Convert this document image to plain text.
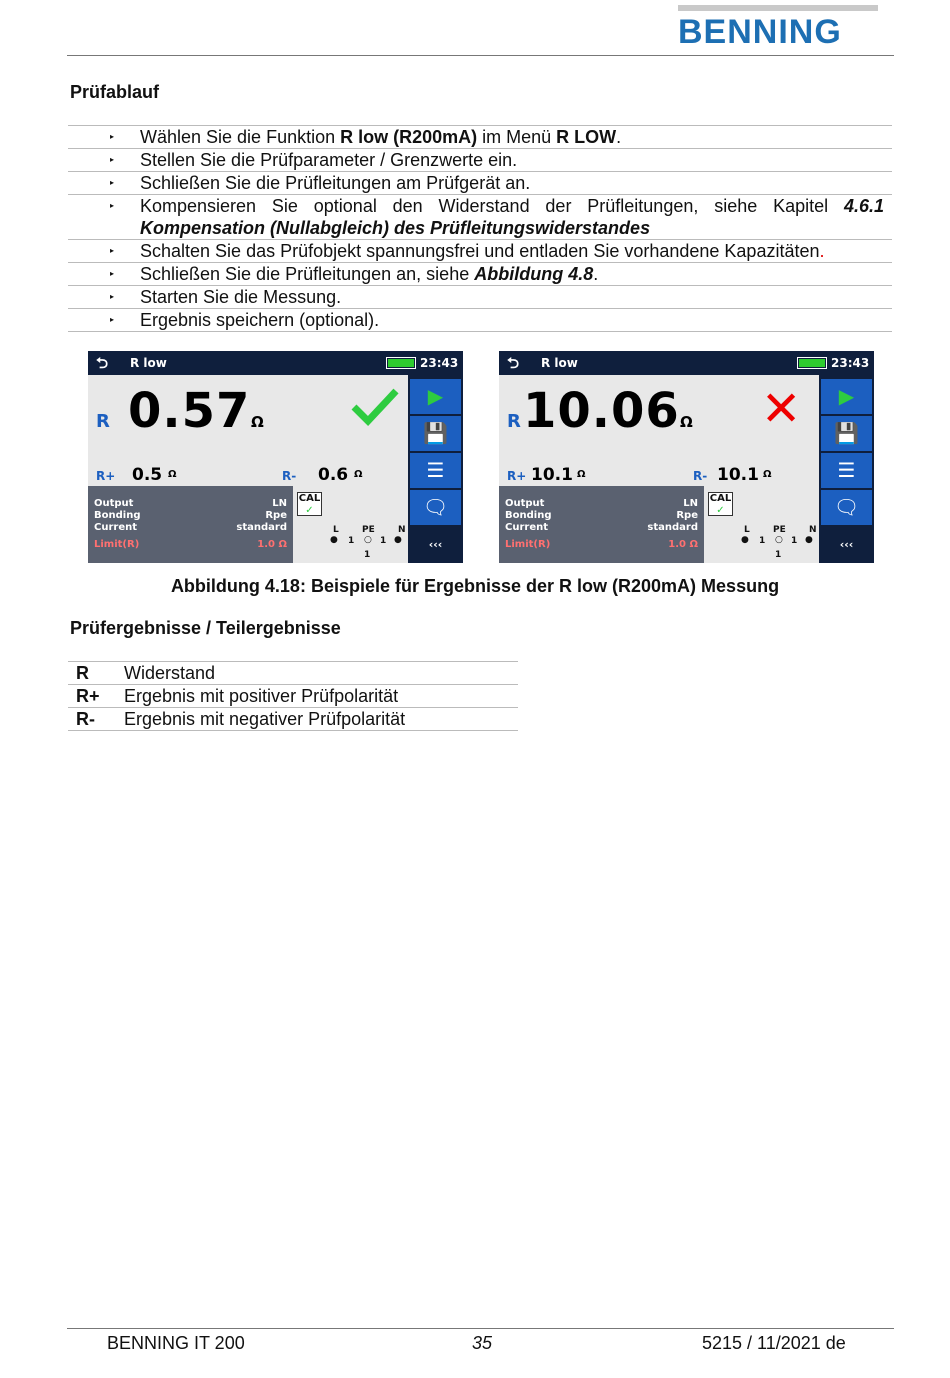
BENNING
Prüfablauf
▸	Wählen Sie die Funktion R low (R200mA) im Menü R LOW.
▸	Stellen Sie die Prüfparameter / Grenzwerte ein.
▸	Schließen Sie die Prüfleitungen am Prüfgerät an.
▸	Kompensieren Sie optional den Widerstand der Prüfleitungen, siehe Kapitel 4.6.1 Kompensation (Nullabgleich) des Prüfleitungswiderstandes
▸	Schalten Sie das Prüfobjekt spannungsfrei und entladen Sie vorhandene Kapazitäten.
▸	Schließen Sie die Prüfleitungen an, siehe Abbildung 4.8.
▸	Starten Sie die Messung.
▸	Ergebnis speichern (optional).
⮌ R low	23:43
R 0.57 Ω
R+ 0.5 Ω	R- 0.6 Ω
Output
Bonding
Current
LN
Rpe
standard
Limit(R)	1.0 Ω
CAL
✓
L	PE	N
● 1 ○ 1 ●
1
▶
💾
☰
🗨
‹‹‹
⮌ R low	23:43
R 10.06 Ω ✕
R+ 10.1 Ω	R- 10.1 Ω
Output
Bonding
Current
LN
Rpe
standard
Limit(R)	1.0 Ω
CAL
✓
L	PE	N
● 1 ○ 1 ●
1
▶
💾
☰
🗨
‹‹‹
Abbildung 4.18: Beispiele für Ergebnisse der R low (R200mA) Messung
Prüfergebnisse / Teilergebnisse
R	Widerstand
R+	Ergebnis mit positiver Prüfpolarität
R-	Ergebnis mit negativer Prüfpolarität
BENNING IT 200	35	5215 / 11/2021 de
